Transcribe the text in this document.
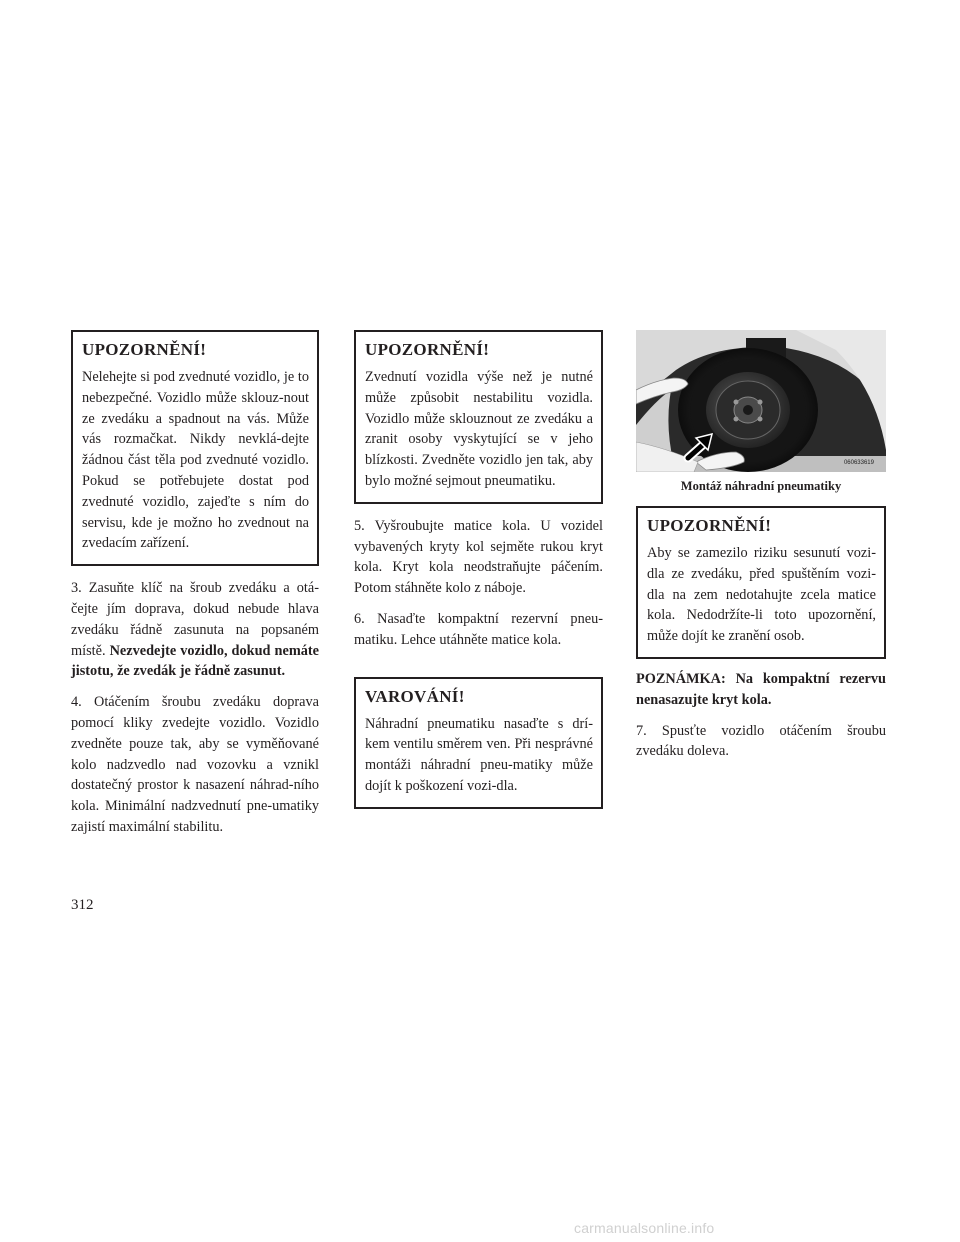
UPOZORNĚNÍ!

Nelehejte si pod zvednuté vozidlo, je to nebezpečné. Vozidlo může sklouz-nout ze zvedáku a spadnout na vás. Může vás rozmačkat. Nikdy nevklá-dejte žádnou část těla pod zvednuté vozidlo. Pokud se potřebujete dostat pod zvednuté vozidlo, zajeďte s ním do servisu, kde je možno ho zvednout na zvedacím zařízení.

3. Zasuňte klíč na šroub zvedáku a otá-čejte jím doprava, dokud nebude hlava zvedáku řádně zasunuta na popsaném místě. Nezvedejte vozidlo, dokud nemáte jistotu, že zvedák je řádně zasunut.

4. Otáčením šroubu zvedáku doprava pomocí kliky zvedejte vozidlo. Vozidlo zvedněte pouze tak, aby se vyměňované kolo nadzvedlo nad vozovku a vznikl dostatečný prostor k nasazení náhrad-ního kola. Minimální nadzvednutí pne-umatiky zajistí maximální stabilitu.

UPOZORNĚNÍ!

Zvednutí vozidla výše než je nutné může způsobit nestabilitu vozidla. Vozidlo může sklouznout ze zvedáku a zranit osoby vyskytující se v jeho blízkosti. Zvedněte vozidlo jen tak, aby bylo možné sejmout pneumatiku.

5. Vyšroubujte matice kola. U vozidel vybavených kryty kol sejměte rukou kryt kola. Kryt kola neodstraňujte páčením. Potom stáhněte kolo z náboje.

6. Nasaďte kompaktní rezervní pneu-matiku. Lehce utáhněte matice kola.

VAROVÁNÍ!

Náhradní pneumatiku nasaďte s drí-kem ventilu směrem ven. Při nesprávné montáži náhradní pneu-matiky může dojít k poškození vozi-dla.

060633619
Montáž náhradní pneumatiky
UPOZORNĚNÍ!

Aby se zamezilo riziku sesunutí vozi-dla ze zvedáku, před spuštěním vozi-dla na zem nedotahujte zcela matice kola. Nedodržíte-li toto upozornění, může dojít ke zranění osob.

POZNÁMKA: Na kompaktní rezervu nenasazujte kryt kola.

7. Spusťte vozidlo otáčením šroubu zvedáku doleva.

312
carmanualsonline.info
